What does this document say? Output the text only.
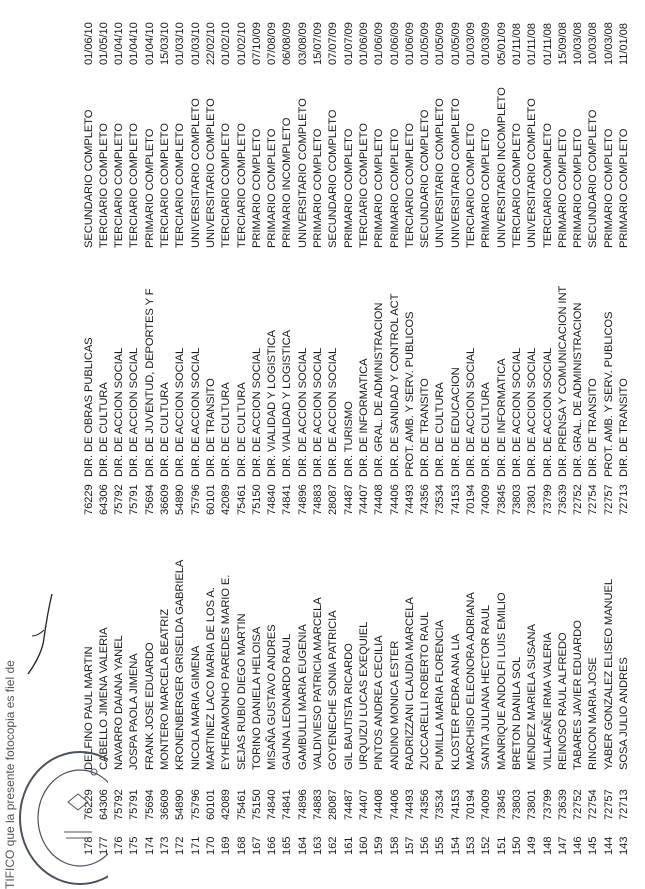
143
72713
SOSA JULIO ANDRES
72713
DIR. DE TRANSITO
PRIMARIO COMPLETO
11/01/08
144
72757
YABER GONZALEZ ELISEO MANUEL
72757
PROT. AMB. Y SERV. PUBLICOS
PRIMARIO COMPLETO
10/03/08
145
72754
RINCON MARIA JOSE
72754
DIR. DE TRANSITO
SECUNDARIO COMPLETO
10/03/08
146
72752
TABARES JAVIER EDUARDO
72752
DIR. GRAL. DE ADMINISTRACION
PRIMARIO COMPLETO
10/03/08
147
73639
REINOSO RAUL ALFREDO
73639
DIR. PRENSA Y COMUNICACION INT
PRIMARIO COMPLETO
15/09/08
148
73799
VILLAFAÑE IRMA VALERIA
73799
DIR. DE ACCION SOCIAL
TERCIARIO COMPLETO
01/11/08
149
73801
MENDEZ MARIELA SUSANA
73801
DIR. DE ACCION SOCIAL
UNIVERSITARIO COMPLETO
01/11/08
150
73803
BRETON DANILA SOL
73803
DIR. DE ACCION SOCIAL
TERCIARIO COMPLETO
01/11/08
151
73845
MANRIQUE ANDOLFI LUIS EMILIO
73845
DIR. DE INFORMATICA
UNIVERSITARIO INCOMPLETO
05/01/09
152
74009
SANTA JULIANA HECTOR RAUL
74009
DIR. DE CULTURA
PRIMARIO COMPLETO
01/03/09
153
70194
MARCHISIO ELEONORA ADRIANA
70194
DIR. DE ACCION SOCIAL
TERCIARIO COMPLETO
01/03/09
154
74153
KLOSTER PEDRA ANA LIA
74153
DIR. DE EDUCACION
UNIVERSITARIO COMPLETO
01/05/09
155
73534
PUMILLA MARIA FLORENCIA
73534
DIR. DE CULTURA
UNIVERSITARIO COMPLETO
01/05/09
156
74356
ZUCCARELLI ROBERTO RAUL
74356
DIR. DE TRANSITO
SECUNDARIO COMPLETO
01/05/09
157
74493
RADRIZZANI CLAUDIA MARCELA
74493
PROT. AMB. Y SERV. PUBLICOS
TERCIARIO COMPLETO
01/06/09
158
74406
ANDINO MONICA ESTER
74406
DIR. DE SANIDAD Y CONTROL ACT
PRIMARIO COMPLETO
01/06/09
159
74408
PINTOS ANDREA CECILIA
74408
DIR. GRAL. DE ADMINISTRACION
PRIMARIO COMPLETO
01/06/09
160
74407
URQUIZU LUCAS EXEQUIEL
74407
DIR. DE INFORMATICA
TERCIARIO COMPLETO
01/06/09
161
74487
GIL BAUTISTA RICARDO
74487
DIR. TURISMO
PRIMARIO COMPLETO
01/07/09
162
28087
GOYENECHE SONIA PATRICIA
28087
DIR. DE ACCION SOCIAL
SECUNDARIO COMPLETO
07/07/09
163
74883
VALDIVIESO PATRICIA MARCELA
74883
DIR. DE ACCION SOCIAL
PRIMARIO COMPLETO
15/07/09
164
74896
GAMBULLI MARIA EUGENIA
74896
DIR. DE ACCION SOCIAL
UNIVERSITARIO COMPLETO
03/08/09
165
74841
GAUNA LEONARDO RAUL
74841
DIR. VIALIDAD Y LOGISTICA
PRIMARIO INCOMPLETO
06/08/09
166
74840
MISAÑA GUSTAVO ANDRES
74840
DIR. VIALIDAD Y LOGISTICA
PRIMARIO COMPLETO
07/08/09
167
75150
TORINO DANIELA HELOISA
75150
DIR. DE ACCION SOCIAL
PRIMARIO COMPLETO
07/10/09
168
75461
SEJAS RUBIO DIEGO MARTIN
75461
DIR. DE CULTURA
TERCIARIO COMPLETO
01/02/10
169
42089
EYHERAMONHO PAREDES MARIO E.
42089
DIR. DE CULTURA
TERCIARIO COMPLETO
01/02/10
170
60101
MARTINEZ LACO MARIA DE LOS A.
60101
DIR. DE TRANSITO
UNIVERSITARIO COMPLETO
22/02/10
171
75796
NICOLA MARIA GIMENA
75796
DIR. DE ACCION SOCIAL
UNIVERSITARIO COMPLETO
01/03/10
172
54890
KRONENBERGER GRISELDA GABRIELA
54890
DIR. DE ACCION SOCIAL
TERCIARIO COMPLETO
01/03/10
173
36609
MONTERO MARCELA BEATRIZ
36609
DIR. DE CULTURA
TERCIARIO COMPLETO
15/03/10
174
75694
FRANK JOSE EDUARDO
75694
DIR. DE JUVENTUD, DEPORTES Y F
PRIMARIO COMPLETO
01/04/10
175
75791
JOSPA PAOLA JIMENA
75791
DIR. DE ACCION SOCIAL
TERCIARIO COMPLETO
01/04/10
176
75792
NAVARRO DAIANA YANEL
75792
DIR. DE ACCION SOCIAL
TERCIARIO COMPLETO
01/04/10
177
64306
CABELLO JIMENA VALERIA
64306
DIR. DE CULTURA
TERCIARIO COMPLETO
01/05/10
178
76229
DELFINO PAUL MARTIN
76229
DIR. DE OBRAS PUBLICAS
SECUNDARIO COMPLETO
01/06/10
TIFICO que la presente fotocopia es fiel de
